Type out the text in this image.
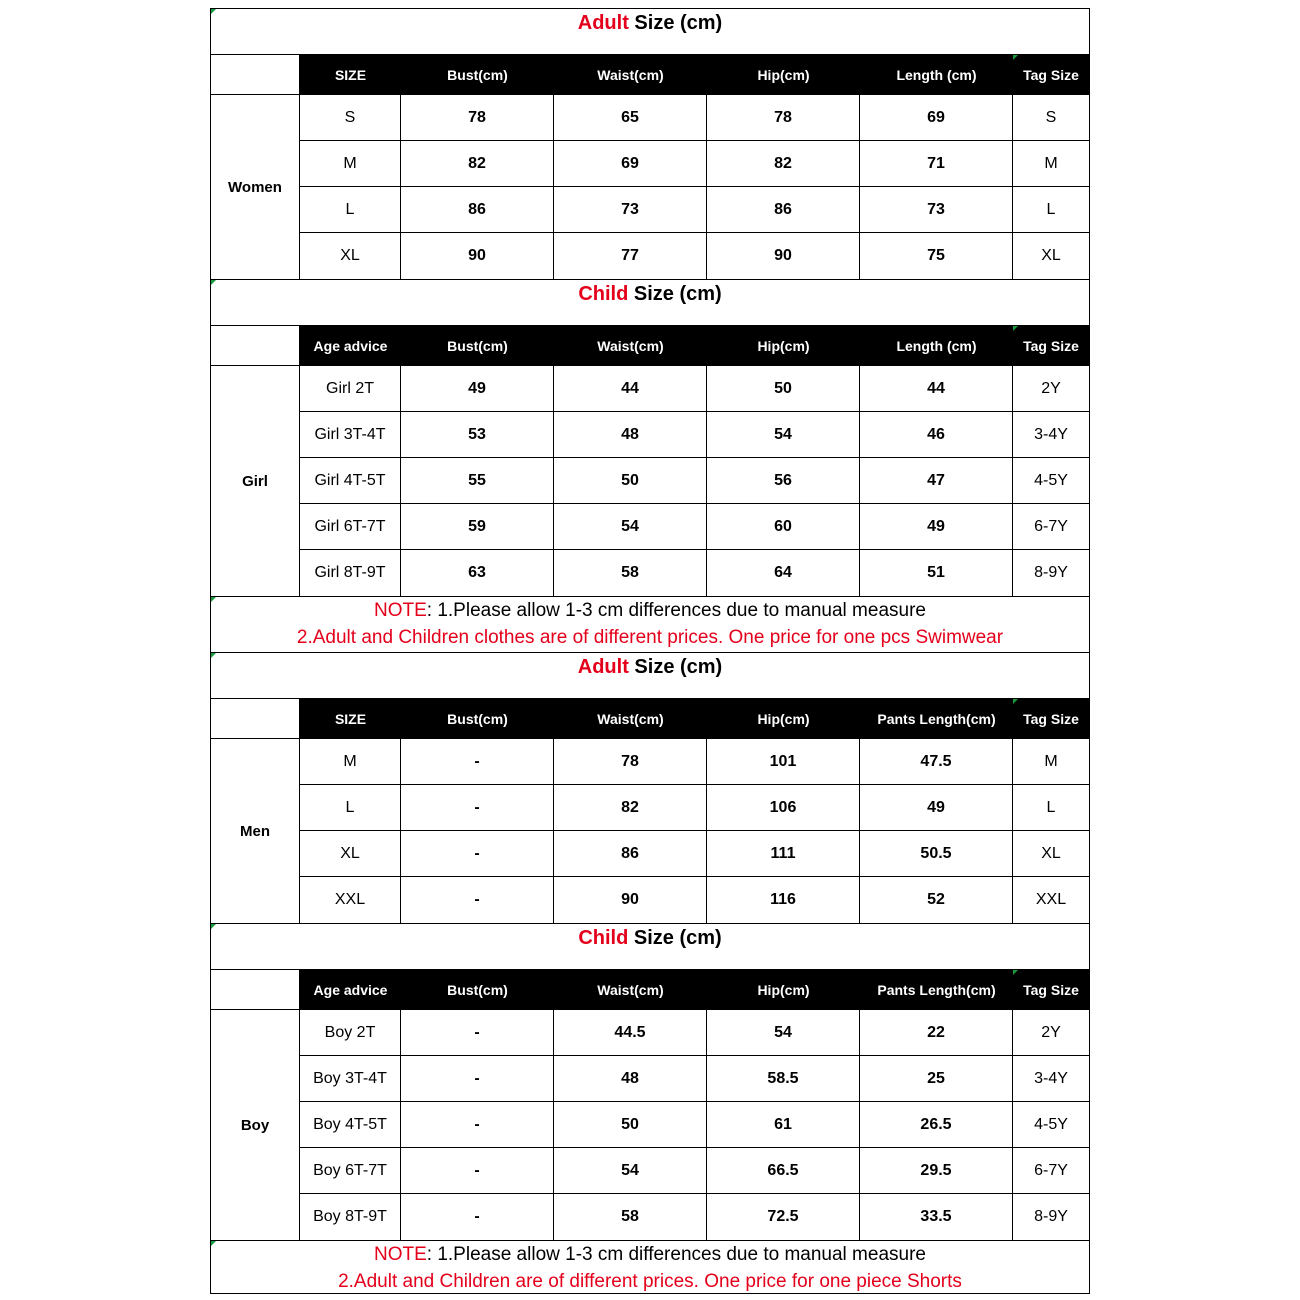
Adult Size (cm)
SIZE	Bust(cm)	Waist(cm)	Hip(cm)	Length (cm)	Tag Size
Women
S	78	65	78	69	S
M	82	69	82	71	M
L	86	73	86	73	L
XL	90	77	90	75	XL
Child Size (cm)
Age advice	Bust(cm)	Waist(cm)	Hip(cm)	Length (cm)	Tag Size
Girl
Girl 2T	49	44	50	44	2Y
Girl 3T-4T	53	48	54	46	3-4Y
Girl 4T-5T	55	50	56	47	4-5Y
Girl 6T-7T	59	54	60	49	6-7Y
Girl 8T-9T	63	58	64	51	8-9Y
NOTE: 1.Please allow 1-3 cm differences due to manual measure
2.Adult and Children clothes are of different prices. One price for one pcs Swimwear
Adult Size (cm)
SIZE	Bust(cm)	Waist(cm)	Hip(cm)	Pants Length(cm)	Tag Size
Men
M	-	78	101	47.5	M
L	-	82	106	49	L
XL	-	86	111	50.5	XL
XXL	-	90	116	52	XXL
Child Size (cm)
Age advice	Bust(cm)	Waist(cm)	Hip(cm)	Pants Length(cm)	Tag Size
Boy
Boy 2T	-	44.5	54	22	2Y
Boy 3T-4T	-	48	58.5	25	3-4Y
Boy 4T-5T	-	50	61	26.5	4-5Y
Boy 6T-7T	-	54	66.5	29.5	6-7Y
Boy 8T-9T	-	58	72.5	33.5	8-9Y
NOTE: 1.Please allow 1-3 cm differences due to manual measure
2.Adult and Children are of different prices. One price for one piece Shorts
